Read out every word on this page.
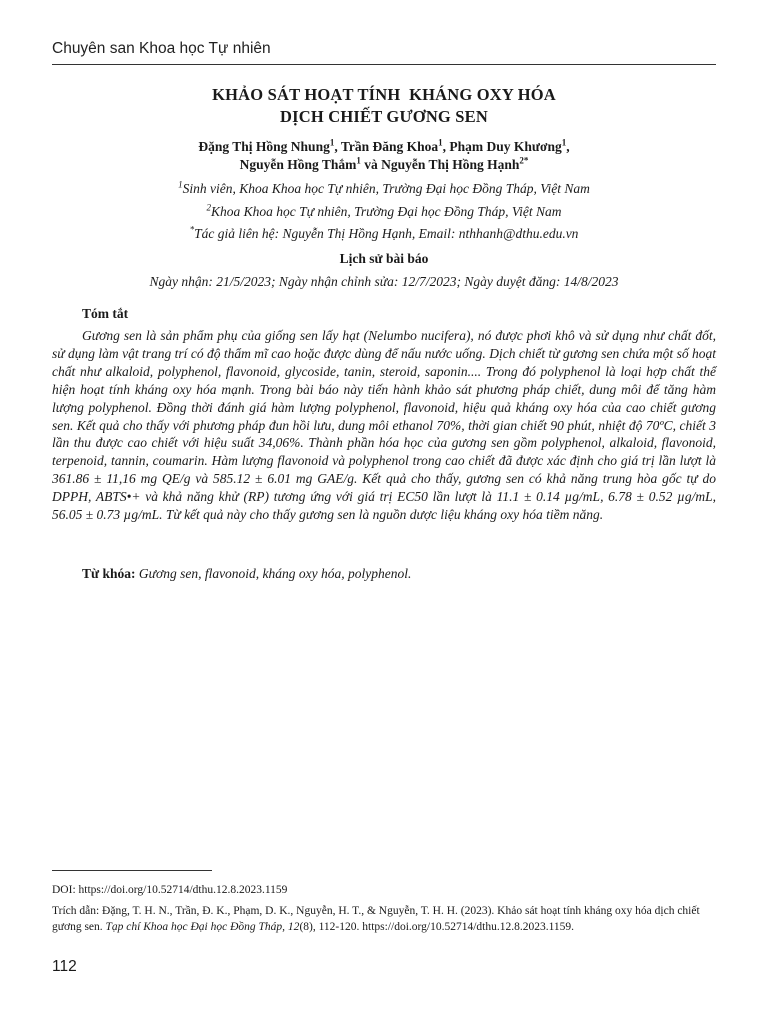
Chuyên san Khoa học Tự nhiên
KHẢO SÁT HOẠT TÍNH  KHÁNG OXY HÓA
DỊCH CHIẾT GƯƠNG SEN
Đặng Thị Hồng Nhung$^1$, Trần Đăng Khoa$^1$, Phạm Duy Khương$^1$,
Nguyễn Hồng Thắm$^1$ và Nguyễn Thị Hồng Hạnh$^{2*}$
$^1$Sinh viên, Khoa Khoa học Tự nhiên, Trường Đại học Đồng Tháp, Việt Nam
$^2$Khoa Khoa học Tự nhiên, Trường Đại học Đồng Tháp, Việt Nam
*Tác giả liên hệ: Nguyễn Thị Hồng Hạnh, Email: nthhanh@dthu.edu.vn
Lịch sử bài báo
Ngày nhận: 21/5/2023; Ngày nhận chỉnh sửa: 12/7/2023; Ngày duyệt đăng: 14/8/2023
Tóm tắt

Gương sen là sản phẩm phụ của giống sen lấy hạt (Nelumbo nucifera), nó được phơi khô và sử dụng như chất đốt, sử dụng làm vật trang trí có độ thẩm mĩ cao hoặc được dùng để nấu nước uống. Dịch chiết từ gương sen chứa một số hoạt chất như alkaloid, polyphenol, flavonoid, glycoside, tanin, steroid, saponin.... Trong đó polyphenol là loại hợp chất thể hiện hoạt tính kháng oxy hóa mạnh. Trong bài báo này tiến hành khảo sát phương pháp chiết, dung môi để tăng hàm lượng polyphenol. Đồng thời đánh giá hàm lượng polyphenol, flavonoid, hiệu quả kháng oxy hóa của cao chiết gương sen. Kết quả cho thấy với phương pháp đun hồi lưu, dung môi ethanol 70%, thời gian chiết 90 phút, nhiệt độ 70ºC, chiết 3 lần thu được cao chiết với hiệu suất 34,06%. Thành phần hóa học của gương sen gồm polyphenol, alkaloid, flavonoid, terpenoid, tannin, coumarin. Hàm lượng flavonoid và polyphenol trong cao chiết đã được xác định cho giá trị lần lượt là 361.86 ± 11,16 mg QE/g và 585.12 ± 6.01 mg GAE/g. Kết quả cho thấy, gương sen có khả năng trung hòa gốc tự do DPPH, ABTS•+ và khả năng khử (RP) tương ứng với giá trị EC50 lần lượt là 11.1 ± 0.14 µg/mL, 6.78 ± 0.52 µg/mL, 56.05 ± 0.73 µg/mL. Từ kết quả này cho thấy gương sen là nguồn dược liệu kháng oxy hóa tiềm năng.

Từ khóa: Gương sen, flavonoid, kháng oxy hóa, polyphenol.
DOI: https://doi.org/10.52714/dthu.12.8.2023.1159
Trích dẫn: Đặng, T. H. N., Trần, Đ. K., Phạm, D. K., Nguyễn, H. T., & Nguyễn, T. H. H. (2023). Khảo sát hoạt tính kháng oxy hóa dịch chiết gương sen. Tạp chí Khoa học Đại học Đồng Tháp, 12(8), 112-120. https://doi.org/10.52714/dthu.12.8.2023.1159.
112
